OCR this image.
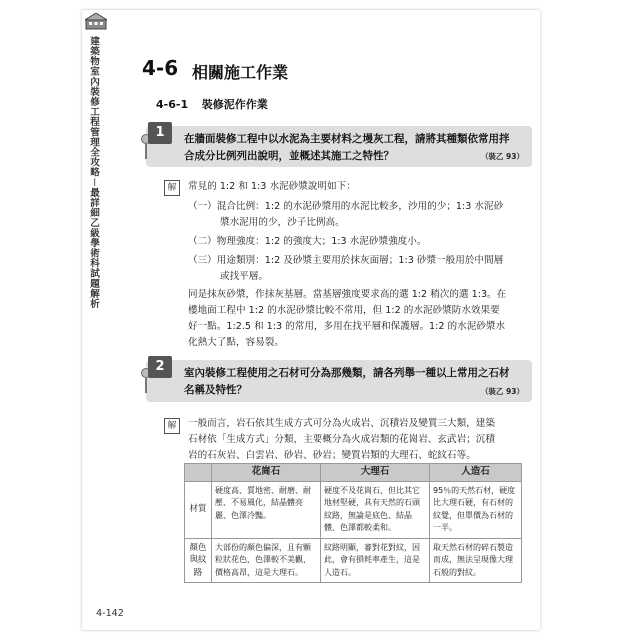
建築物室內裝修工程管理全攻略－最詳細乙級學術科試題解析 4-6 相關施工作業
4-6-1 裝修泥作作業
在牆面裝修工程中以水泥為主要材料之墁灰工程，請將其種類依常用拌
合成分比例列出說明，並概述其施工之特性？	（裝乙 93）
1
解	常見的 1:2 和 1:3 水泥砂漿說明如下：
（一）混合比例：1:2 的水泥砂漿用的水泥比較多，沙用的少；1:3 水泥砂
漿水泥用的少，沙子比例高。
（二）物理強度：1:2 的強度大；1:3 水泥砂漿強度小。
（三）用途類別：1:2 及砂漿主要用於抹灰面層；1:3 砂漿一般用於中間層
或找平層。
同是抹灰砂漿，作抹灰基層。當基層強度要求高的選 1:2 稍次的選 1:3。在
樓地面工程中 1:2 的水泥砂漿比較不常用，但 1:2 的水泥砂漿防水效果要
好一點。1:2.5 和 1:3 的常用，多用在找平層和保護層。1:2 的水泥砂漿水
化熱大了點，容易裂。
室內裝修工程使用之石材可分為那幾類，請各列舉一種以上常用之石材
名稱及特性？	（裝乙 93）
2
解	一般而言，岩石依其生成方式可分為火成岩、沉積岩及變質三大類，建築
石材依「生成方式」分類，主要概分為火成岩類的花崗岩、玄武岩；沉積
岩的石灰岩、白雲岩、砂岩、砂岩；變質岩類的大理石、蛇紋石等。
	花崗石	大理石	人造石
材質	硬度高、質地密、耐磨、耐壓、不易風化，結晶體亮麗、色澤冷豔。	硬度不及花崗石，但比其它地材堅硬，具有天然的石頭紋路，無論是底色、結晶體、色澤都較柔和。	95％的天然石材，硬度比大理石硬，有石材的紋覺，但單價為石材的一半。
顏色與紋路	大部份的顏色偏深，且有顆粒狀花色，色澤較不美觀，價格高昂，這是大理石。	紋路明顯，審對花對紋，因此，會有損耗率產生，這是人造石。	取天然石材的碎石製造而成，無法呈現像大理石般的對紋。
4-142
